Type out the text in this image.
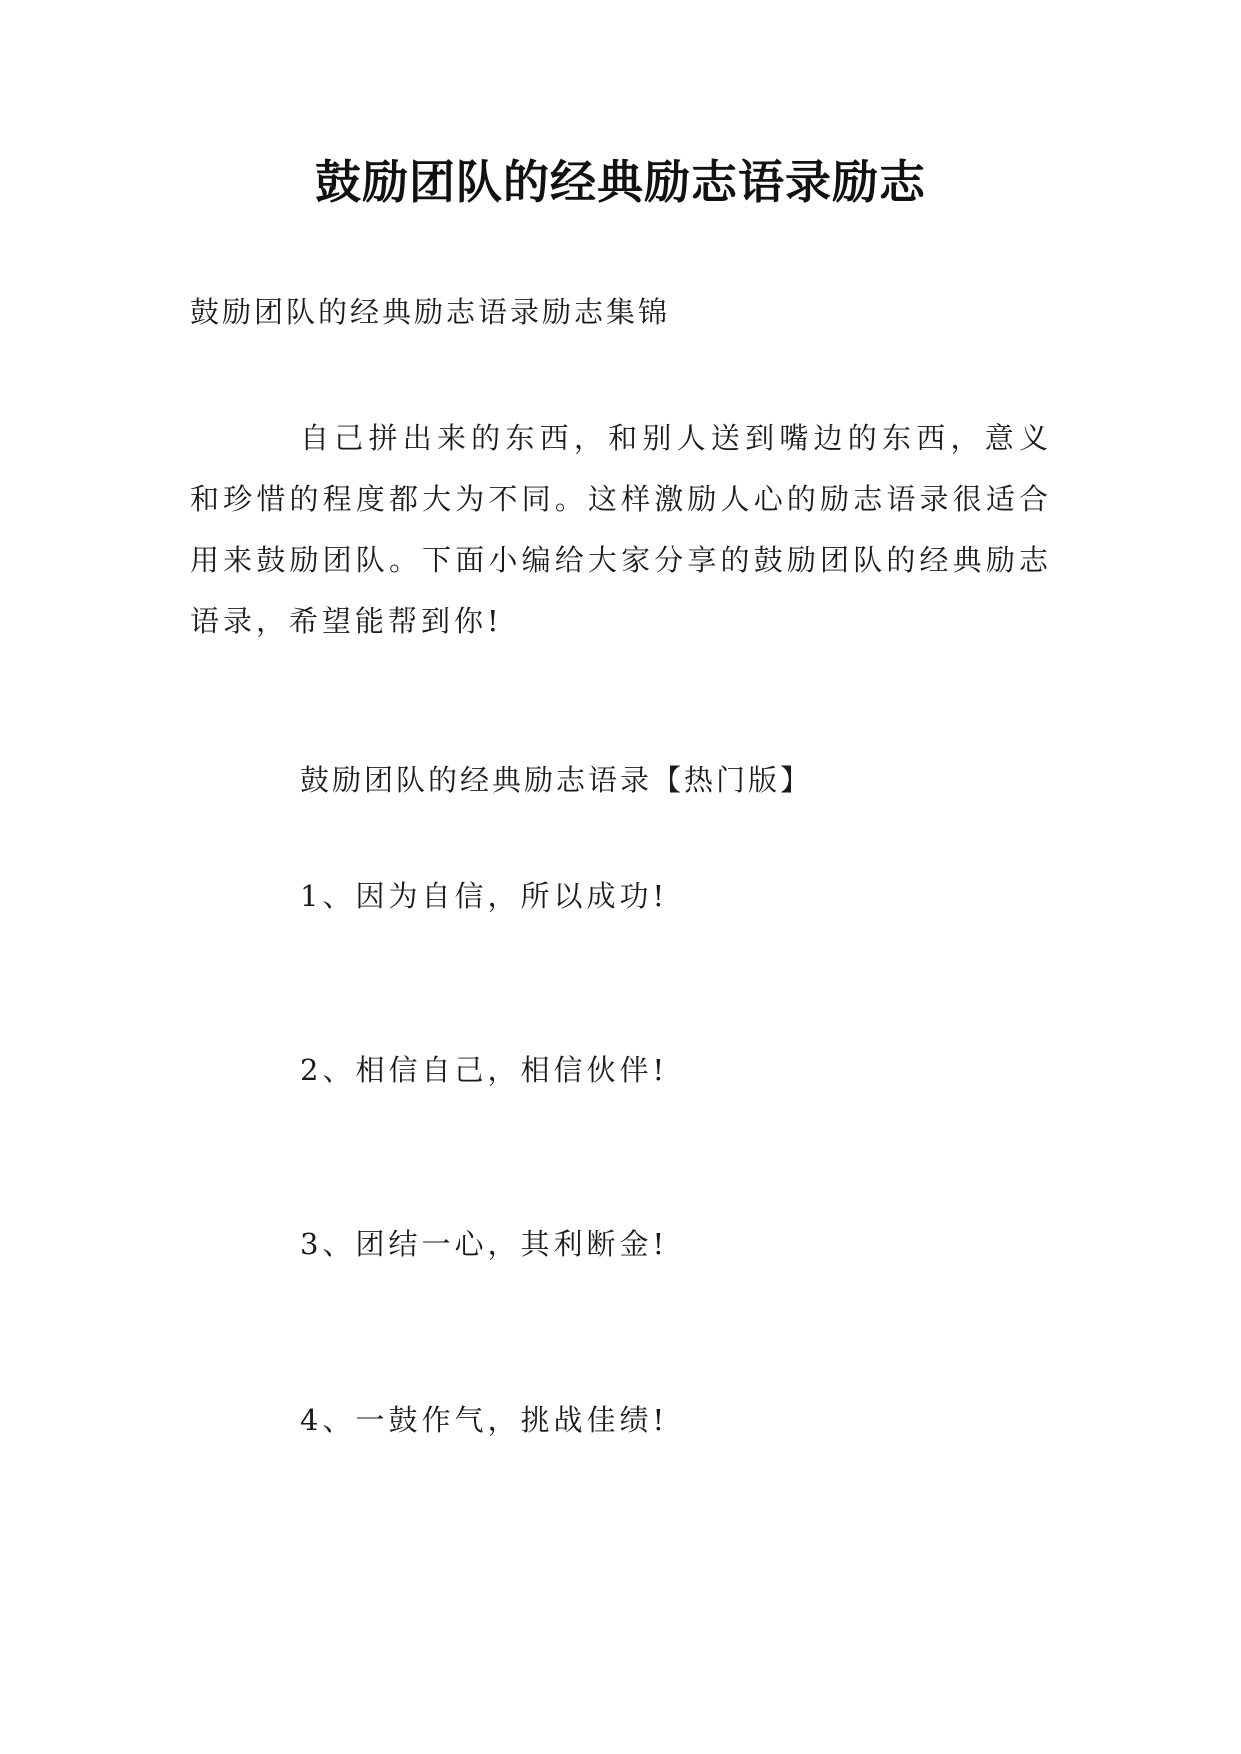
鼓励团队的经典励志语录励志
鼓励团队的经典励志语录励志集锦

自己拼出来的东西，和别人送到嘴边的东西，意义和珍惜的程度都大为不同。这样激励人心的励志语录很适合用来鼓励团队。下面小编给大家分享的鼓励团队的经典励志语录，希望能帮到你!

鼓励团队的经典励志语录【热门版】
1、因为自信，所以成功!
2、相信自己，相信伙伴!
3、团结一心，其利断金!
4、一鼓作气，挑战佳绩!
